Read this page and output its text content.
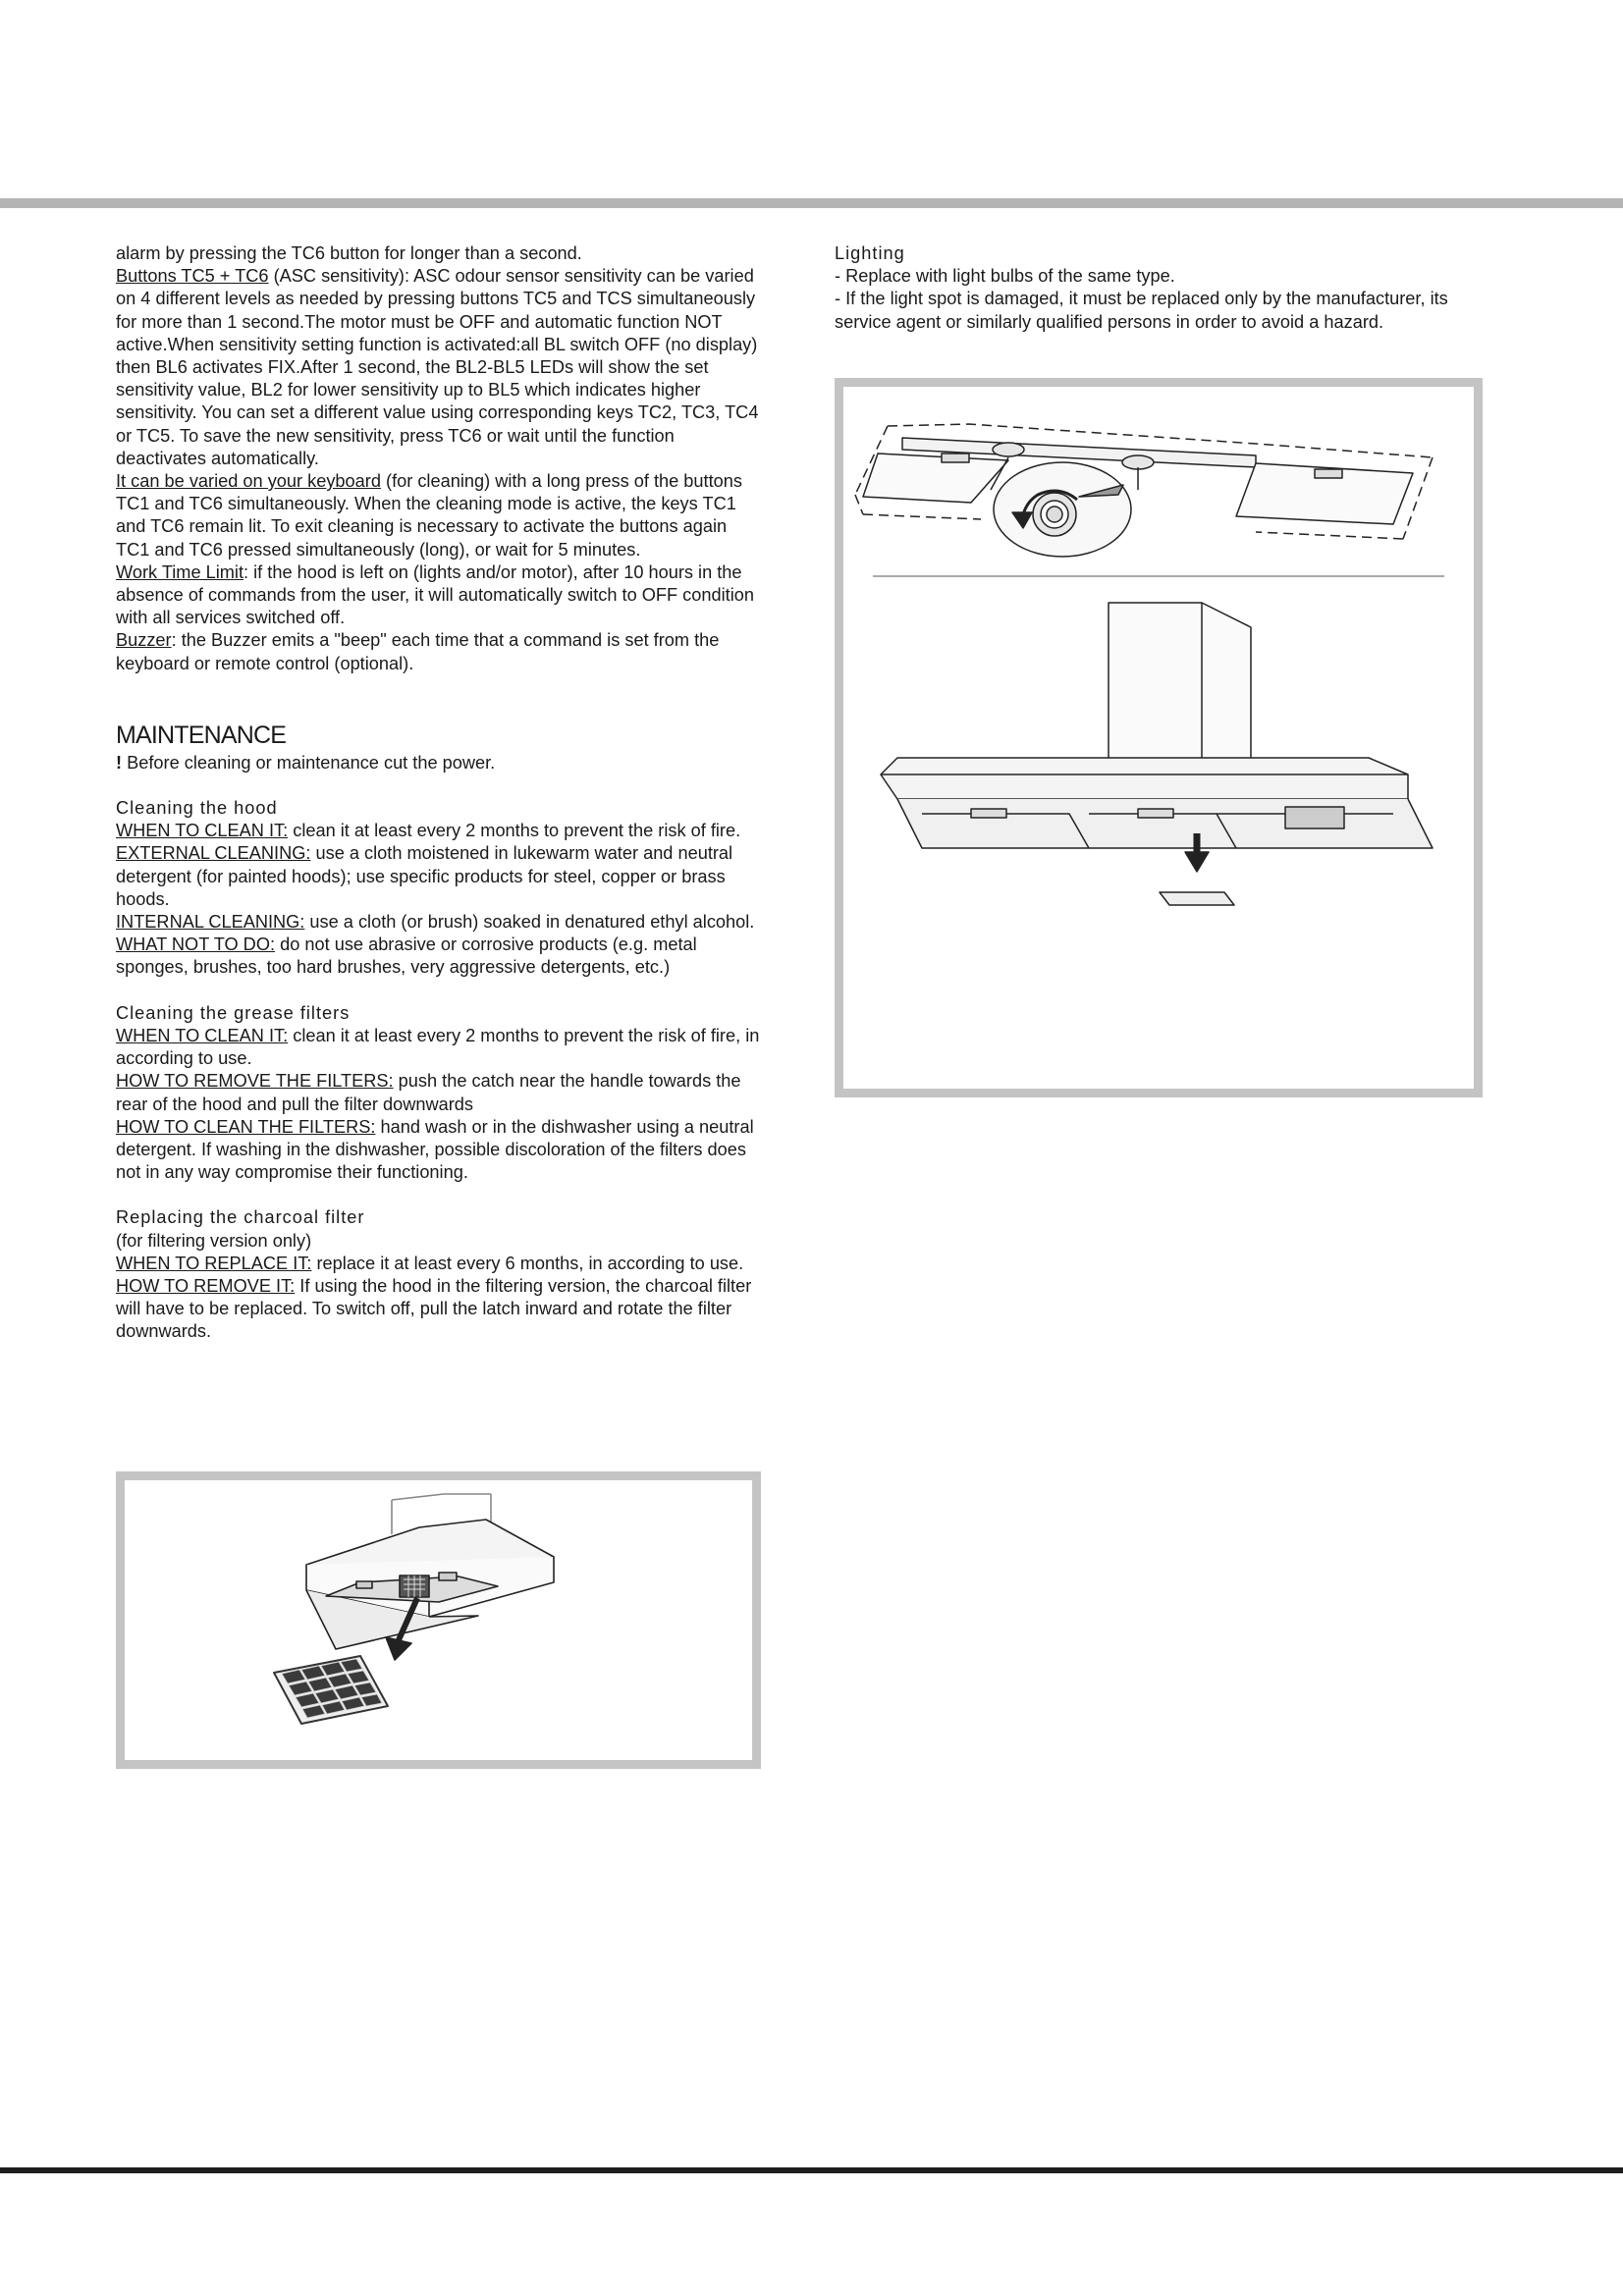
alarm by pressing the TC6 button for longer than a second.

Buttons TC5 + TC6 (ASC sensitivity): ASC odour sensor sensitivity can be varied on 4 different levels as needed by pressing buttons TC5 and TCS simultaneously for more than 1 second.The motor must be OFF and automatic function NOT active.When sensitivity setting function is activated:all BL switch OFF (no display) then BL6 activates FIX.After 1 second, the BL2-BL5 LEDs will show the set sensitivity value, BL2 for lower sensitivity up to BL5 which indicates higher sensitivity. You can set a different value using corresponding keys TC2, TC3, TC4 or TC5. To save the new sensitivity, press TC6 or wait until the function deactivates automatically.

It can be varied on your keyboard (for cleaning) with a long press of the buttons TC1 and TC6 simultaneously. When the cleaning mode is active, the keys TC1 and TC6 remain lit. To exit cleaning is necessary to activate the buttons again TC1 and TC6 pressed simultaneously (long), or wait for 5 minutes.

Work Time Limit: if the hood is left on (lights and/or motor), after 10 hours in the absence of commands from the user, it will automatically switch to OFF condition with all services switched off.

Buzzer: the Buzzer emits a "beep" each time that a command is set from the keyboard or remote control (optional).

MAINTENANCE

! Before cleaning or maintenance cut the power.

Cleaning the hood

WHEN TO CLEAN IT: clean it at least every 2 months to prevent the risk of fire.

EXTERNAL CLEANING: use a cloth moistened in lukewarm water and neutral detergent (for painted hoods); use specific products for steel, copper or brass hoods.

INTERNAL CLEANING: use a cloth (or brush) soaked in denatured ethyl alcohol.

WHAT NOT TO DO: do not use abrasive or corrosive products (e.g. metal sponges, brushes, too hard brushes, very aggressive detergents, etc.)

Cleaning the grease filters

WHEN TO CLEAN IT: clean it at least every 2 months to prevent the risk of fire, in according to use.

HOW TO REMOVE THE FILTERS: push the catch near the handle towards the rear of the hood and pull the filter downwards

HOW TO CLEAN THE FILTERS: hand wash or in the dishwasher using a neutral detergent. If washing in the dishwasher, possible discoloration of the filters does not in any way compromise their functioning.

Replacing the charcoal filter

(for filtering version only)

WHEN TO REPLACE IT: replace it at least every 6 months, in according to use.

HOW TO REMOVE IT: If using the hood in the filtering version, the charcoal filter will have to be replaced. To switch off, pull the latch inward and rotate the filter downwards.

Lighting

- Replace with light bulbs of the same type.

- If the light spot is damaged, it must be replaced only by the manufacturer, its service agent or similarly qualified persons in order to avoid a hazard.
